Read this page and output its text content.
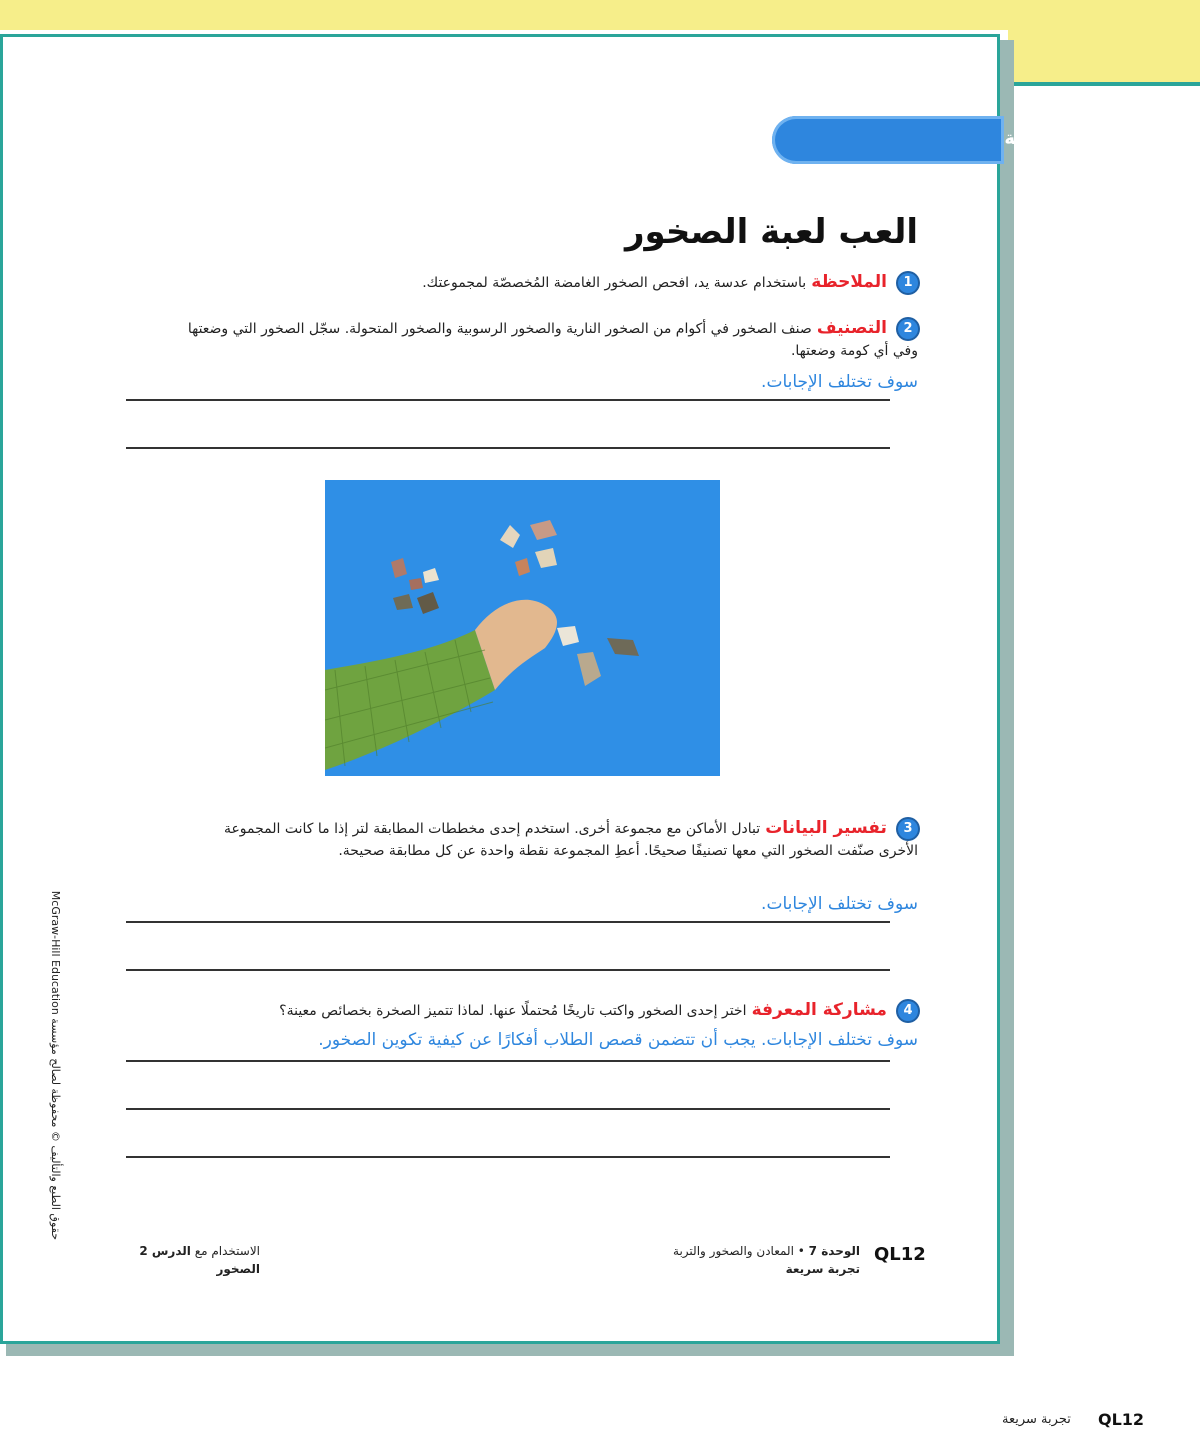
تجربة سريعة
العب لعبة الصخور
1 الملاحظة باستخدام عدسة يد، افحص الصخور الغامضة المُخصصّة لمجموعتك.
2 التصنيف صنف الصخور في أكوام من الصخور النارية والصخور الرسوبية والصخور المتحولة. سجّل الصخور التي وضعتها وفي أي كومة وضعتها.
سوف تختلف الإجابات.
3 تفسير البيانات تبادل الأماكن مع مجموعة أخرى. استخدم إحدى مخططات المطابقة لتر إذا ما كانت المجموعة الأخرى صنّفت الصخور التي معها تصنيفًا صحيحًا. أعطِ المجموعة نقطة واحدة عن كل مطابقة صحيحة.
سوف تختلف الإجابات.
4 مشاركة المعرفة اختر إحدى الصخور واكتب تاريخًا مُحتملًا عنها. لماذا تتميز الصخرة بخصائص معينة؟
سوف تختلف الإجابات. يجب أن تتضمن قصص الطلاب أفكارًا عن كيفية تكوين الصخور.
حقوق الطبع والتأليف © محفوظة لصالح مؤسسة McGraw-Hill Education
QL12
الوحدة 7 • المعادن والصخور والتربة
تجربة سريعة
الاستخدام مع الدرس 2
الصخور
QL12
تجربة سريعة
